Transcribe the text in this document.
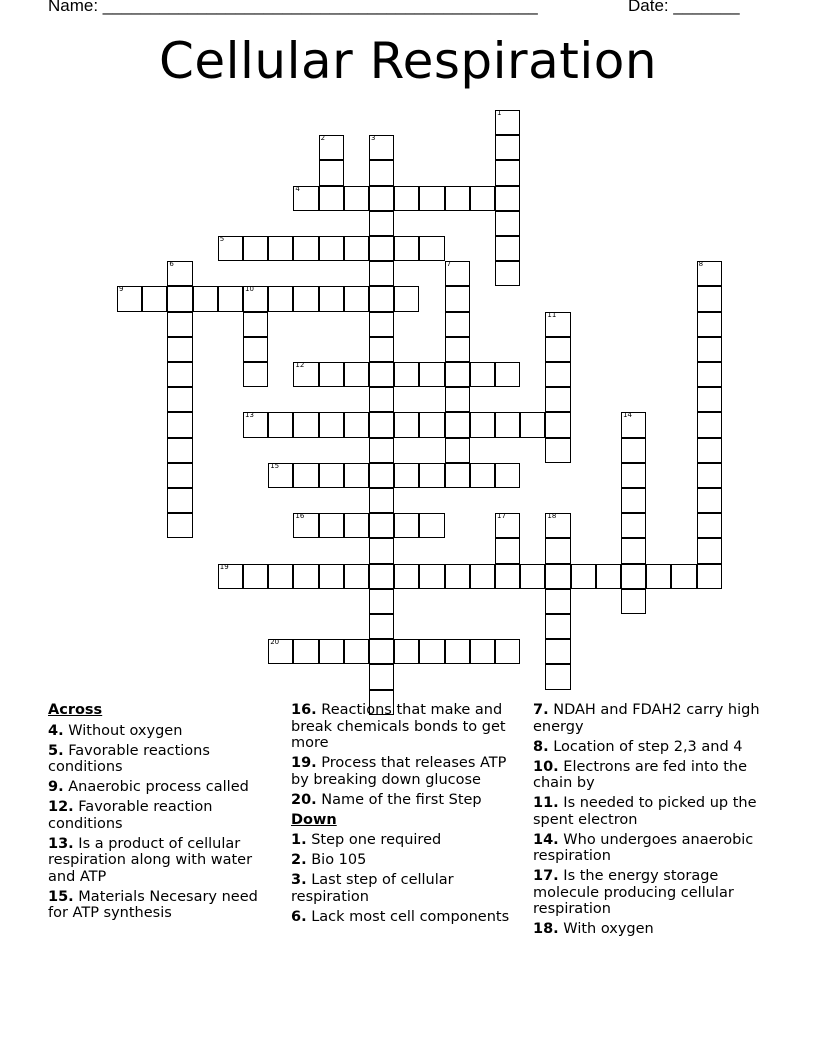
Name: ______________________________________________	Date: _______
Cellular Respiration
1
2	3
4
5
6	7	8
9	10
11
12
13	14
15
16	17	18
19
20
Across
4. Without oxygen
5. Favorable reactions conditions
9. Anaerobic process called
12. Favorable reaction conditions
13. Is a product of cellular respiration along with water and ATP
15. Materials Necesary need for ATP synthesis
16. Reactions that make and break chemicals bonds to get more
19. Process that releases ATP by breaking down glucose
20. Name of the first Step
Down
1. Step one required
2. Bio 105
3. Last step of cellular respiration
6. Lack most cell components
7. NDAH and FDAH2 carry high energy
8. Location of step 2,3 and 4
10. Electrons are fed into the chain by
11. Is needed to picked up the spent electron
14. Who undergoes anaerobic respiration
17. Is the energy storage molecule producing cellular respiration
18. With oxygen
